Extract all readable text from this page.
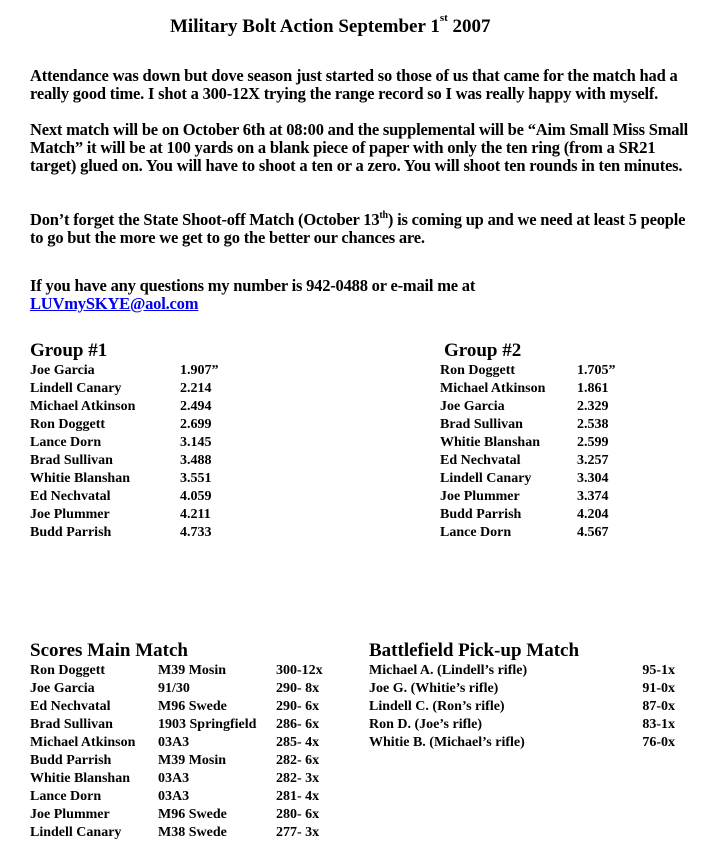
Military Bolt Action September 1st 2007
Attendance was down but dove season just started so those of us that came for the match had a really good time. I shot a 300-12X trying the range record so I was really happy with myself.
Next match will be on October 6th at 08:00 and the supplemental will be “Aim Small Miss Small Match” it will be at 100 yards on a blank piece of paper with only the ten ring (from a SR21 target) glued on. You will have to shoot a ten or a zero. You will shoot ten rounds in ten minutes.
Don’t forget the State Shoot-off Match (October 13th) is coming up and we need at least 5 people to go but the more we get to go the better our chances are.
If you have any questions my number is 942-0488 or e-mail me at
LUVmySKYE@aol.com
Group #1
Joe Garcia	1.907”
Lindell Canary	2.214
Michael Atkinson	2.494
Ron Doggett	2.699
Lance Dorn	3.145
Brad Sullivan	3.488
Whitie Blanshan	3.551
Ed Nechvatal	4.059
Joe Plummer	4.211
Budd Parrish	4.733
Group #2
Ron Doggett	1.705”
Michael Atkinson	1.861
Joe Garcia	2.329
Brad Sullivan	2.538
Whitie Blanshan	2.599
Ed Nechvatal	3.257
Lindell Canary	3.304
Joe Plummer	3.374
Budd Parrish	4.204
Lance Dorn	4.567
Scores Main Match
Ron Doggett	M39 Mosin	300-12x
Joe Garcia	91/30	290- 8x
Ed Nechvatal	M96 Swede	290- 6x
Brad Sullivan	1903 Springfield	286- 6x
Michael Atkinson	03A3	285- 4x
Budd Parrish	M39 Mosin	282- 6x
Whitie Blanshan	03A3	282- 3x
Lance Dorn	03A3	281- 4x
Joe Plummer	M96 Swede	280- 6x
Lindell Canary	M38 Swede	277- 3x
Battlefield Pick-up Match
Michael A. (Lindell’s rifle)	95-1x
Joe G. (Whitie’s rifle)	91-0x
Lindell C. (Ron’s rifle)	87-0x
Ron D. (Joe’s rifle)	83-1x
Whitie B. (Michael’s rifle)	76-0x
